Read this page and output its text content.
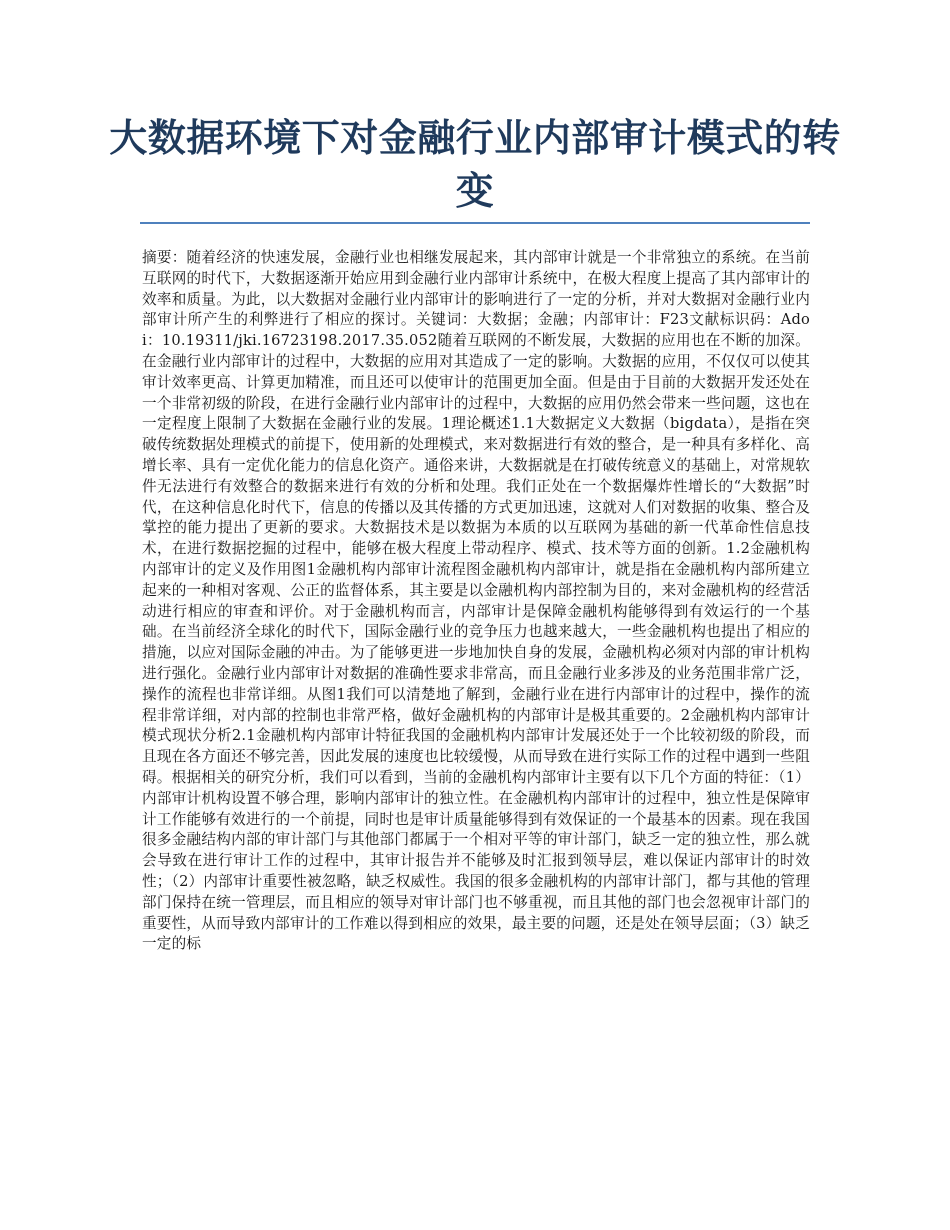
大数据环境下对金融行业内部审计模式的转变

摘要：随着经济的快速发展，金融行业也相继发展起来，其内部审计就是一个非常独立的系统。在当前互联网的时代下，大数据逐渐开始应用到金融行业内部审计系统中，在极大程度上提高了其内部审计的效率和质量。为此，以大数据对金融行业内部审计的影响进行了一定的分析，并对大数据对金融行业内部审计所产生的利弊进行了相应的探讨。关键词：大数据；金融；内部审计：F23文献标识码：Adoi：10.19311/jki.16723198.2017.35.052随着互联网的不断发展，大数据的应用也在不断的加深。在金融行业内部审计的过程中，大数据的应用对其造成了一定的影响。大数据的应用，不仅仅可以使其审计效率更高、计算更加精准，而且还可以使审计的范围更加全面。但是由于目前的大数据开发还处在一个非常初级的阶段，在进行金融行业内部审计的过程中，大数据的应用仍然会带来一些问题，这也在一定程度上限制了大数据在金融行业的发展。1理论概述1.1大数据定义大数据（bigdata），是指在突破传统数据处理模式的前提下，使用新的处理模式，来对数据进行有效的整合，是一种具有多样化、高增长率、具有一定优化能力的信息化资产。通俗来讲，大数据就是在打破传统意义的基础上，对常规软件无法进行有效整合的数据来进行有效的分析和处理。我们正处在一个数据爆炸性增长的“大数据”时代，在这种信息化时代下，信息的传播以及其传播的方式更加迅速，这就对人们对数据的收集、整合及掌控的能力提出了更新的要求。大数据技术是以数据为本质的以互联网为基础的新一代革命性信息技术，在进行数据挖掘的过程中，能够在极大程度上带动程序、模式、技术等方面的创新。1.2金融机构内部审计的定义及作用图1金融机构内部审计流程图金融机构内部审计，就是指在金融机构内部所建立起来的一种相对客观、公正的监督体系，其主要是以金融机构内部控制为目的，来对金融机构的经营活动进行相应的审查和评价。对于金融机构而言，内部审计是保障金融机构能够得到有效运行的一个基础。在当前经济全球化的时代下，国际金融行业的竞争压力也越来越大，一些金融机构也提出了相应的措施，以应对国际金融的冲击。为了能够更进一步地加快自身的发展，金融机构必须对内部的审计机构进行强化。金融行业内部审计对数据的准确性要求非常高，而且金融行业多涉及的业务范围非常广泛，操作的流程也非常详细。从图1我们可以清楚地了解到，金融行业在进行内部审计的过程中，操作的流程非常详细，对内部的控制也非常严格，做好金融机构的内部审计是极其重要的。2金融机构内部审计模式现状分析2.1金融机构内部审计特征我国的金融机构内部审计发展还处于一个比较初级的阶段，而且现在各方面还不够完善，因此发展的速度也比较缓慢，从而导致在进行实际工作的过程中遇到一些阻碍。根据相关的研究分析，我们可以看到，当前的金融机构内部审计主要有以下几个方面的特征：（1）内部审计机构设置不够合理，影响内部审计的独立性。在金融机构内部审计的过程中，独立性是保障审计工作能够有效进行的一个前提，同时也是审计质量能够得到有效保证的一个最基本的因素。现在我国很多金融结构内部的审计部门与其他部门都属于一个相对平等的审计部门，缺乏一定的独立性，那么就会导致在进行审计工作的过程中，其审计报告并不能够及时汇报到领导层，难以保证内部审计的时效性；（2）内部审计重要性被忽略，缺乏权威性。我国的很多金融机构的内部审计部门，都与其他的管理部门保持在统一管理层，而且相应的领导对审计部门也不够重视，而且其他的部门也会忽视审计部门的重要性，从而导致内部审计的工作难以得到相应的效果，最主要的问题，还是处在领导层面；（3）缺乏一定的标
